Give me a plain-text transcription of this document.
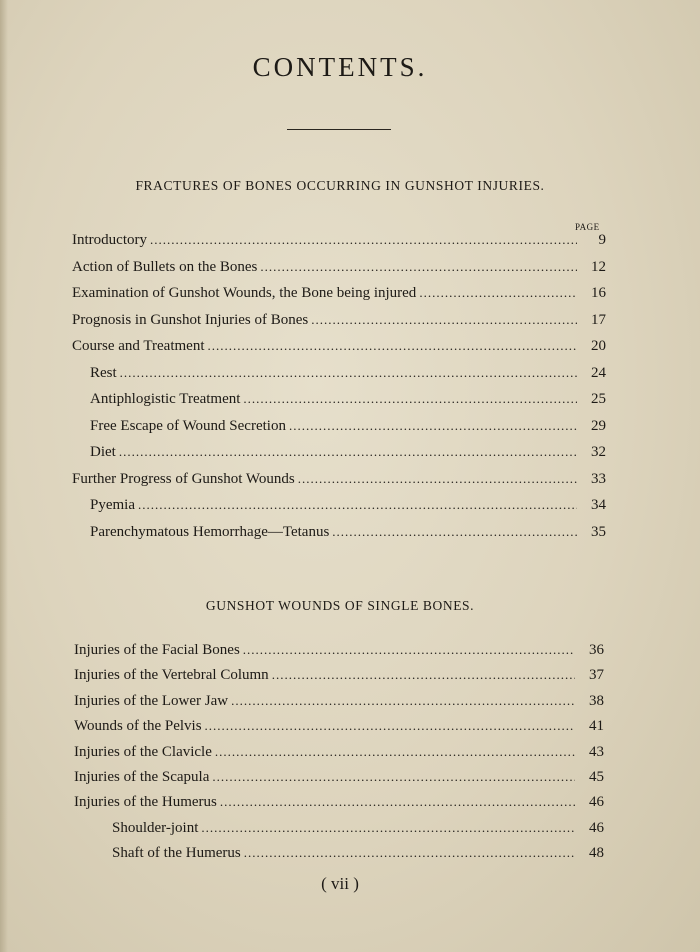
CONTENTS.
FRACTURES OF BONES OCCURRING IN GUNSHOT INJURIES.
PAGE
Introductory .....	9
Action of Bullets on the Bones .....	12
Examination of Gunshot Wounds, the Bone being injured .....	16
Prognosis in Gunshot Injuries of Bones .....	17
Course and Treatment .....	20
Rest .....	24
Antiphlogistic Treatment .....	25
Free Escape of Wound Secretion .....	29
Diet .....	32
Further Progress of Gunshot Wounds .....	33
Pyemia .....	34
Parenchymatous Hemorrhage—Tetanus .....	35
GUNSHOT WOUNDS OF SINGLE BONES.
Injuries of the Facial Bones .....	36
Injuries of the Vertebral Column .....	37
Injuries of the Lower Jaw .....	38
Wounds of the Pelvis .....	41
Injuries of the Clavicle .....	43
Injuries of the Scapula .....	45
Injuries of the Humerus .....	46
Shoulder-joint .....	46
Shaft of the Humerus .....	48
( vii )
